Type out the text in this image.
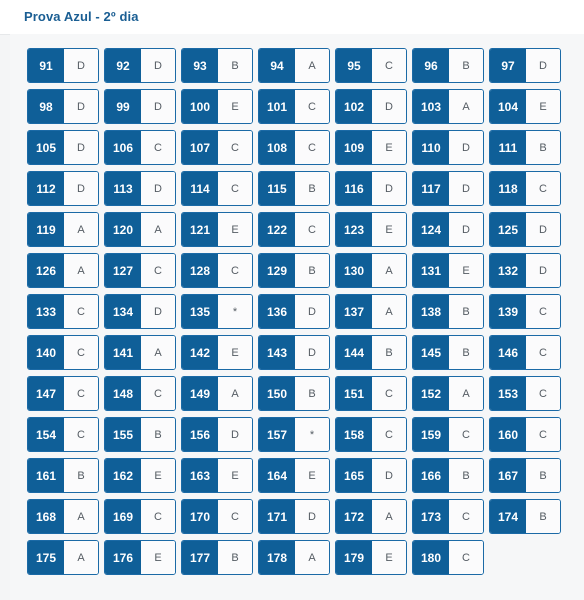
Prova Azul - 2º dia
91	D	92	D	93	B	94	A	95	C	96	B	97	D
98	D	99	D	100	E	101	C	102	D	103	A	104	E
105	D	106	C	107	C	108	C	109	E	110	D	111	B
112	D	113	D	114	C	115	B	116	D	117	D	118	C
119	A	120	A	121	E	122	C	123	E	124	D	125	D
126	A	127	C	128	C	129	B	130	A	131	E	132	D
133	C	134	D	135	*	136	D	137	A	138	B	139	C
140	C	141	A	142	E	143	D	144	B	145	B	146	C
147	C	148	C	149	A	150	B	151	C	152	A	153	C
154	C	155	B	156	D	157	*	158	C	159	C	160	C
161	B	162	E	163	E	164	E	165	D	166	B	167	B
168	A	169	C	170	C	171	D	172	A	173	C	174	B
175	A	176	E	177	B	178	A	179	E	180	C
